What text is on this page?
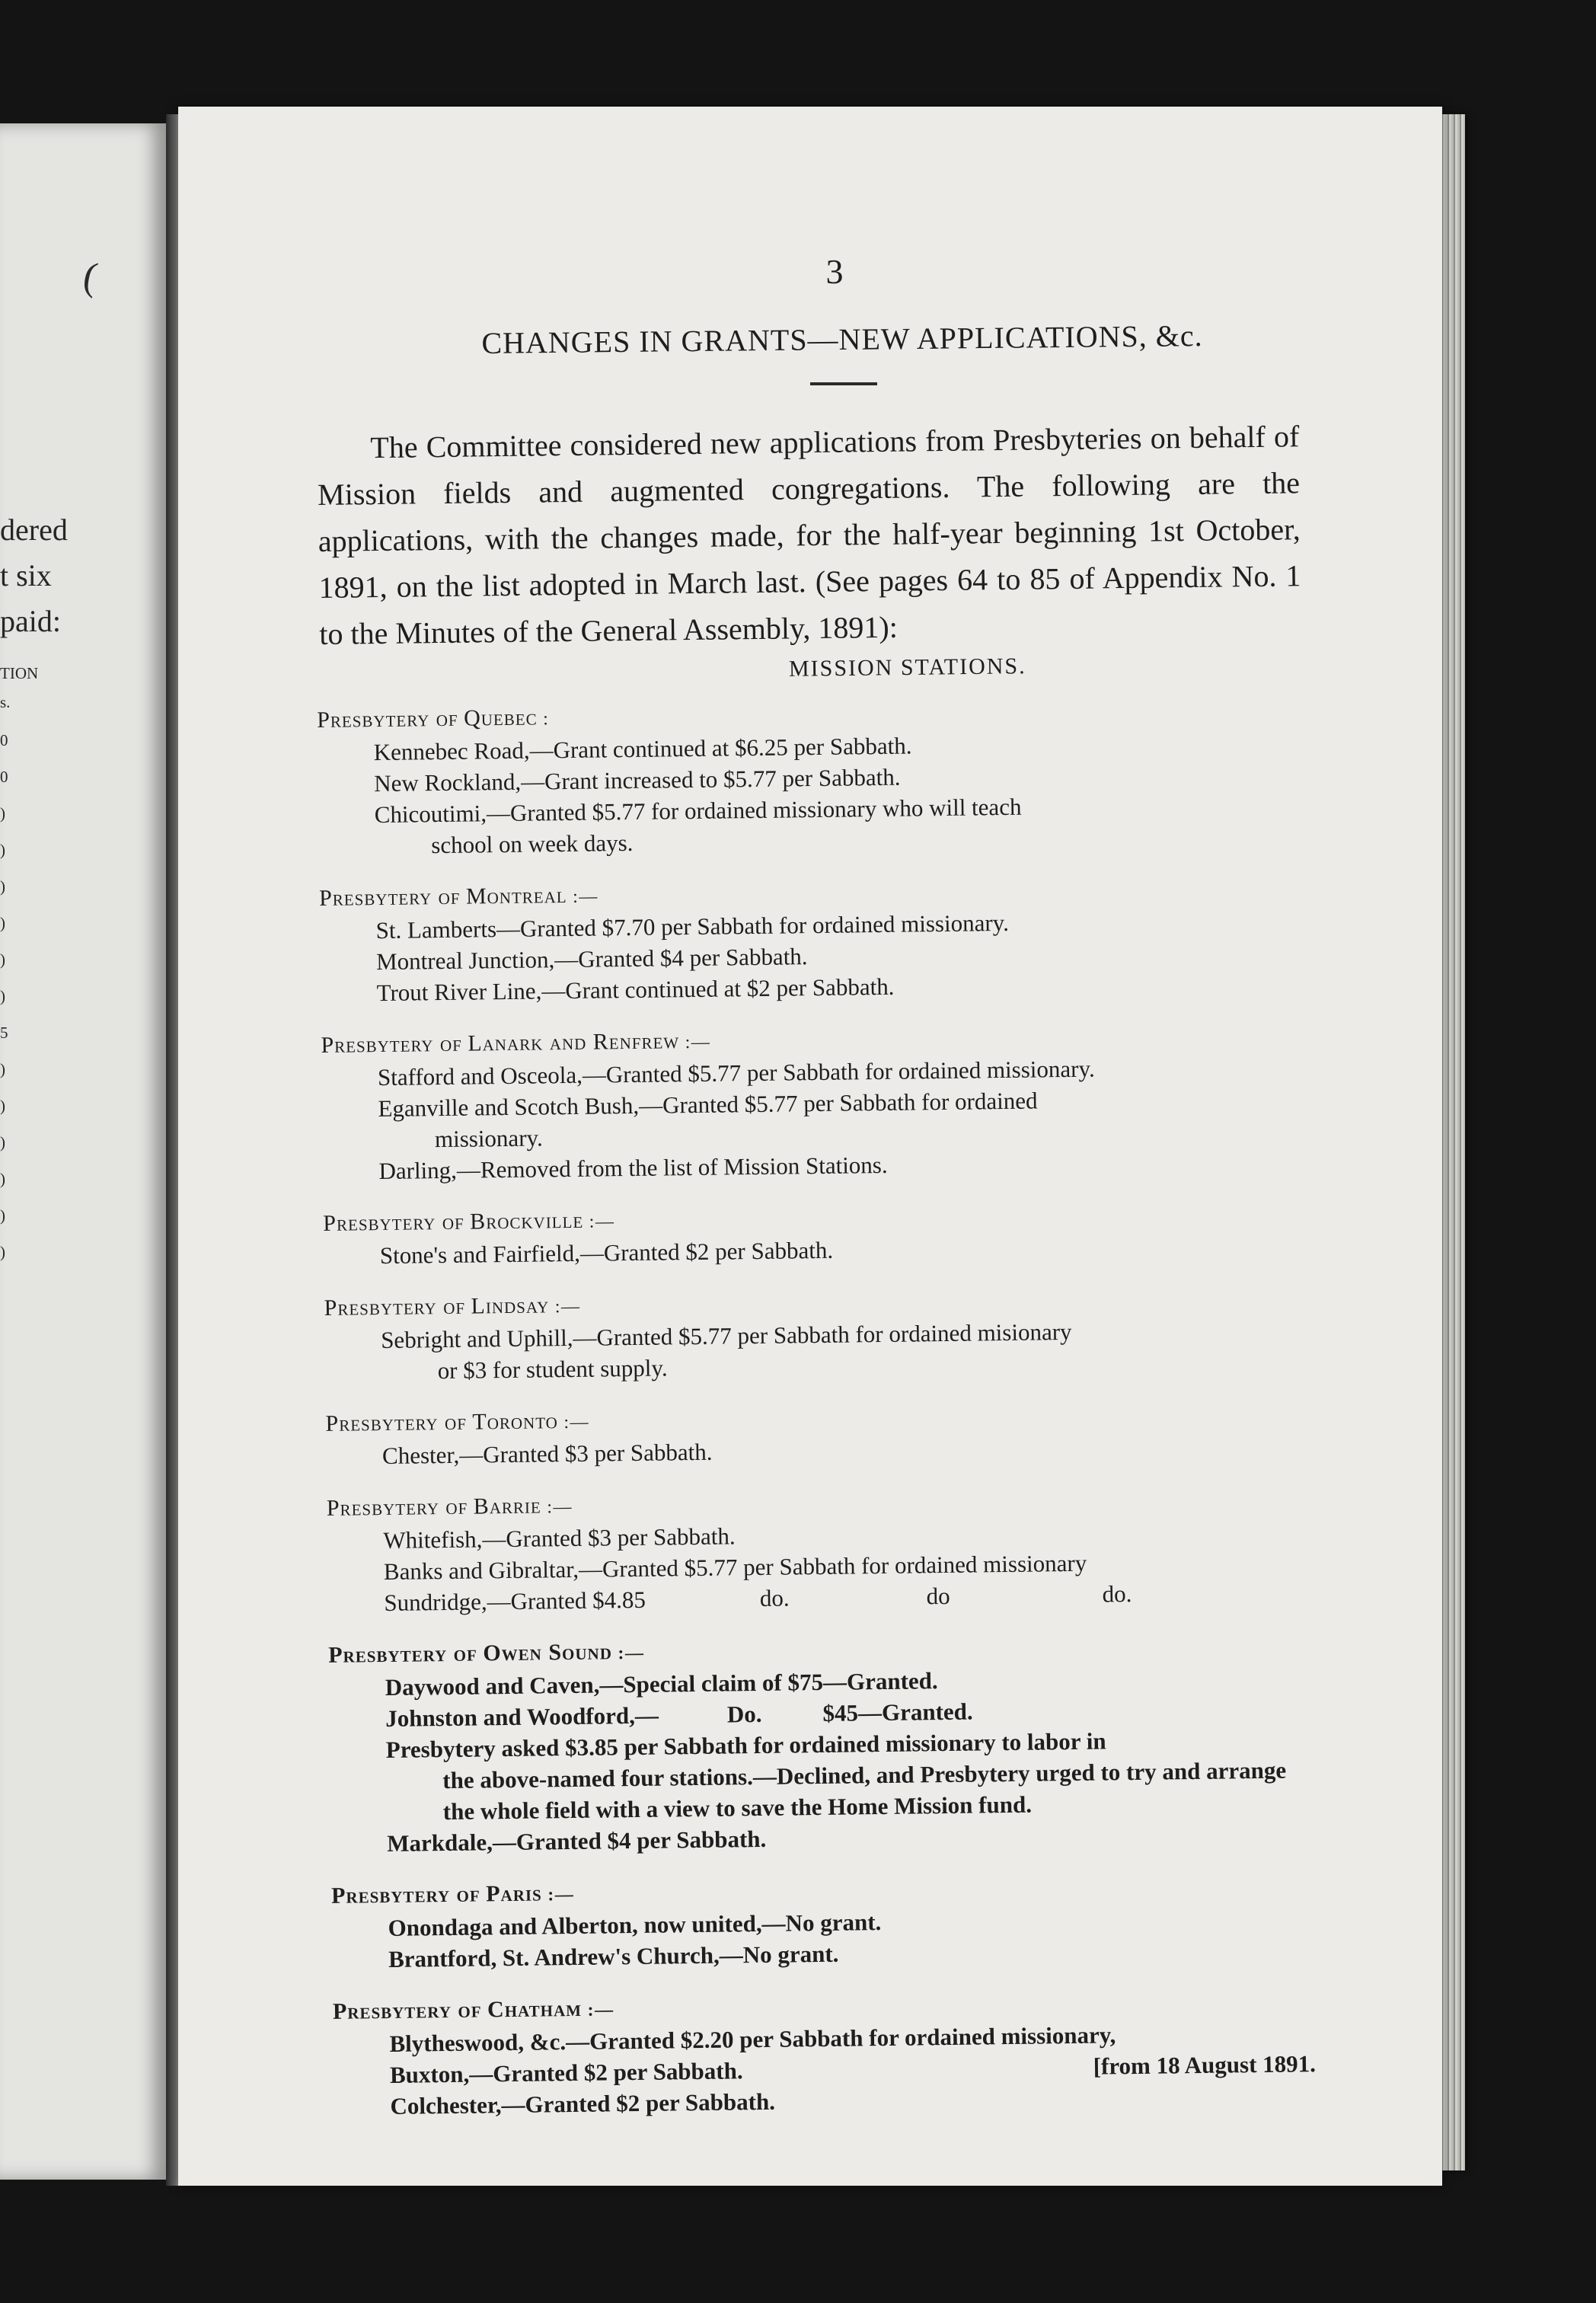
(
dered
t six
paid:
TION
s.
0
0
)
)
)
)
)
)
5
)
)
)
)
)
)
3
CHANGES IN GRANTS—NEW APPLICATIONS, &c.

The Committee considered new applications from Presbyteries on behalf of Mission fields and augmented congregations. The following are the applications, with the changes made, for the half-year beginning 1st October, 1891, on the list adopted in March last. (See pages 64 to 85 of Appendix No. 1 to the Minutes of the General Assembly, 1891):

MISSION STATIONS.
Presbytery of Quebec :
Kennebec Road,—Grant continued at $6.25 per Sabbath.
New Rockland,—Grant increased to $5.77 per Sabbath.
Chicoutimi,—Granted $5.77 for ordained missionary who will teach
school on week days.
Presbytery of Montreal :—
St. Lamberts—Granted $7.70 per Sabbath for ordained missionary.
Montreal Junction,—Granted $4 per Sabbath.
Trout River Line,—Grant continued at $2 per Sabbath.
Presbytery of Lanark and Renfrew :—
Stafford and Osceola,—Granted $5.77 per Sabbath for ordained missionary.
Eganville and Scotch Bush,—Granted $5.77 per Sabbath for ordained
missionary.
Darling,—Removed from the list of Mission Stations.
Presbytery of Brockville :—
Stone's and Fairfield,—Granted $2 per Sabbath.
Presbytery of Lindsay :—
Sebright and Uphill,—Granted $5.77 per Sabbath for ordained misionary
or $3 for student supply.
Presbytery of Toronto :—
Chester,—Granted $3 per Sabbath.
Presbytery of Barrie :—
Whitefish,—Granted $3 per Sabbath.
Banks and Gibraltar,—Granted $5.77 per Sabbath for ordained missionary
Sundridge,—Granted $4.85	do.	do	do.
Presbytery of Owen Sound :—
Daywood and Caven,—Special claim of $75—Granted.
Johnston and Woodford,—	Do.	$45—Granted.
Presbytery asked $3.85 per Sabbath for ordained missionary to labor in
the above-named four stations.—Declined, and Presbytery urged to try and arrange the whole field with a view to save the Home Mission fund.
Markdale,—Granted $4 per Sabbath.
Presbytery of Paris :—
Onondaga and Alberton, now united,—No grant.
Brantford, St. Andrew's Church,—No grant.
Presbytery of Chatham :—
Blytheswood, &c.—Granted $2.20 per Sabbath for ordained missionary,
[from 18 August 1891.
Buxton,—Granted $2 per Sabbath.
Colchester,—Granted $2 per Sabbath.
